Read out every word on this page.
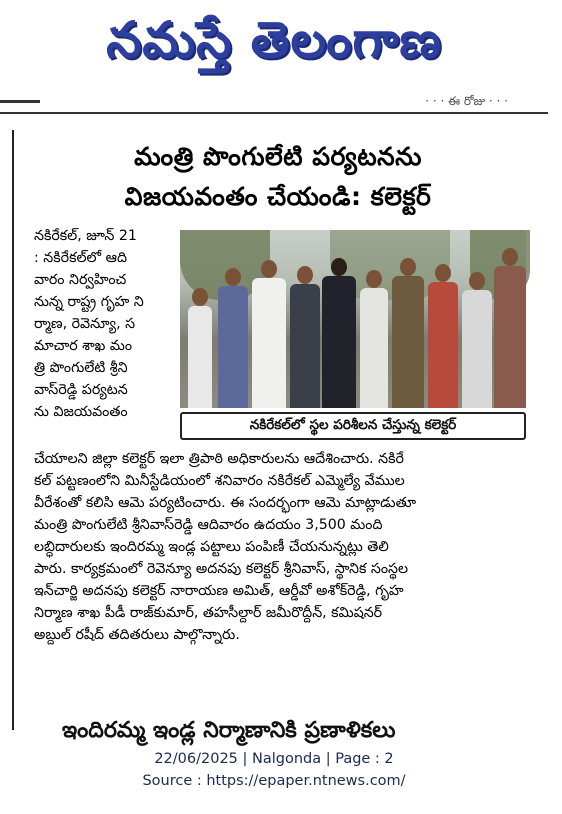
నమస్తే తెలంగాణ
· · · ఈ రోజు · · ·
మంత్రి పొంగులేటి పర్యటనను
విజయవంతం చేయండి: కలెక్టర్

నకిరేకల్, జూన్ 21

: నకిరేకల్‌లో ఆది

వారం నిర్వహించ

నున్న రాష్ట్ర గృహ ని

ర్మాణ, రెవెన్యూ, స

మాచార శాఖ మం

త్రి పొంగులేటి శ్రీని

వాస్‌రెడ్డి పర్యటన

ను విజయవంతం

నకిరేకల్‌లో స్థల పరిశీలన చేస్తున్న కలెక్టర్

చేయాలని జిల్లా కలెక్టర్ ఇలా త్రిపాఠి అధికారులను ఆదేశించారు. నకిరే

కల్ పట్టణంలోని మినీస్టేడియంలో శనివారం నకిరేకల్ ఎమ్మెల్యే వేముల

వీరేశంతో కలిసి ఆమె పర్యటించారు. ఈ సందర్భంగా ఆమె మాట్లాడుతూ

మంత్రి పొంగులేటి శ్రీనివాస్‌రెడ్డి ఆదివారం ఉదయం 3,500 మంది

లబ్ధిదారులకు ఇందిరమ్మ ఇండ్ల పట్టాలు పంపిణీ చేయనున్నట్లు తెలి

పారు. కార్యక్రమంలో రెవెన్యూ అదనపు కలెక్టర్ శ్రీనివాస్, స్థానిక సంస్థల

ఇన్‌చార్జి అదనపు కలెక్టర్ నారాయణ అమిత్, ఆర్డీవో అశోక్‌రెడ్డి, గృహ

నిర్మాణ శాఖ పీడీ రాజ్‌కుమార్, తహసీల్దార్ జమీరొద్దీన్, కమిషనర్

అబ్దుల్ రషీద్ తదితరులు పాల్గొన్నారు.

ఇందిరమ్మ ఇండ్ల నిర్మాణానికి ప్రణాళికలు
22/06/2025 | Nalgonda | Page : 2
Source : https://epaper.ntnews.com/
